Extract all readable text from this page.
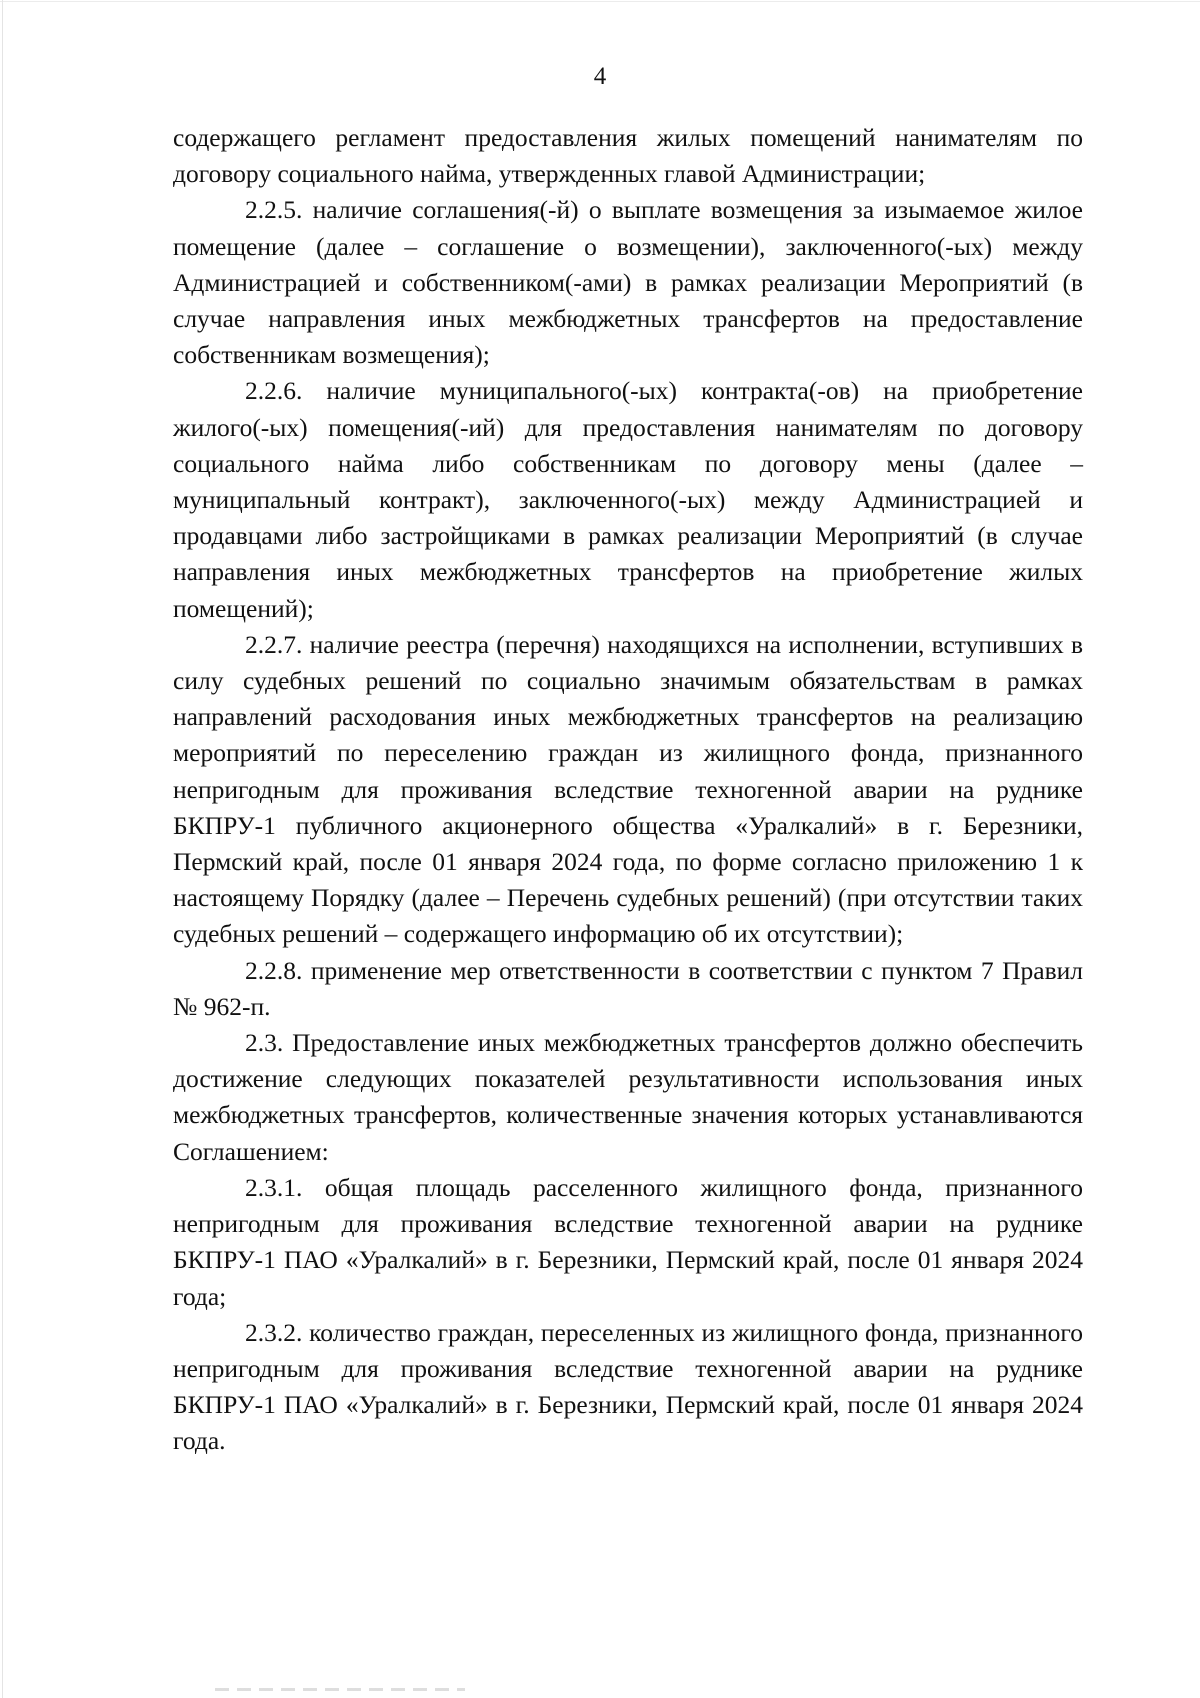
4

содержащего регламент предоставления жилых помещений нанимателям по договору социального найма, утвержденных главой Администрации;

2.2.5. наличие соглашения(-й) о выплате возмещения за изымаемое жилое помещение (далее – соглашение о возмещении), заключенного(-ых) между Администрацией и собственником(-ами) в рамках реализации Мероприятий (в случае направления иных межбюджетных трансфертов на предоставление собственникам возмещения);

2.2.6. наличие муниципального(-ых) контракта(-ов) на приобретение жилого(-ых) помещения(-ий) для предоставления нанимателям по договору социального найма либо собственникам по договору мены (далее – муниципальный контракт), заключенного(-ых) между Администрацией и продавцами либо застройщиками в рамках реализации Мероприятий (в случае направления иных межбюджетных трансфертов на приобретение жилых помещений);

2.2.7. наличие реестра (перечня) находящихся на исполнении, вступивших в силу судебных решений по социально значимым обязательствам в рамках направлений расходования иных межбюджетных трансфертов на реализацию мероприятий по переселению граждан из жилищного фонда, признанного непригодным для проживания вследствие техногенной аварии на руднике БКПРУ-1 публичного акционерного общества «Уралкалий» в г. Березники, Пермский край, после 01 января 2024 года, по форме согласно приложению 1 к настоящему Порядку (далее – Перечень судебных решений) (при отсутствии таких судебных решений – содержащего информацию об их отсутствии);

2.2.8. применение мер ответственности в соответствии с пунктом 7 Правил № 962-п.

2.3. Предоставление иных межбюджетных трансфертов должно обеспечить достижение следующих показателей результативности использования иных межбюджетных трансфертов, количественные значения которых устанавливаются Соглашением:

2.3.1. общая площадь расселенного жилищного фонда, признанного непригодным для проживания вследствие техногенной аварии на руднике БКПРУ-1 ПАО «Уралкалий» в г. Березники, Пермский край, после 01 января 2024 года;

2.3.2. количество граждан, переселенных из жилищного фонда, признанного непригодным для проживания вследствие техногенной аварии на руднике БКПРУ-1 ПАО «Уралкалий» в г. Березники, Пермский край, после 01 января 2024 года.
